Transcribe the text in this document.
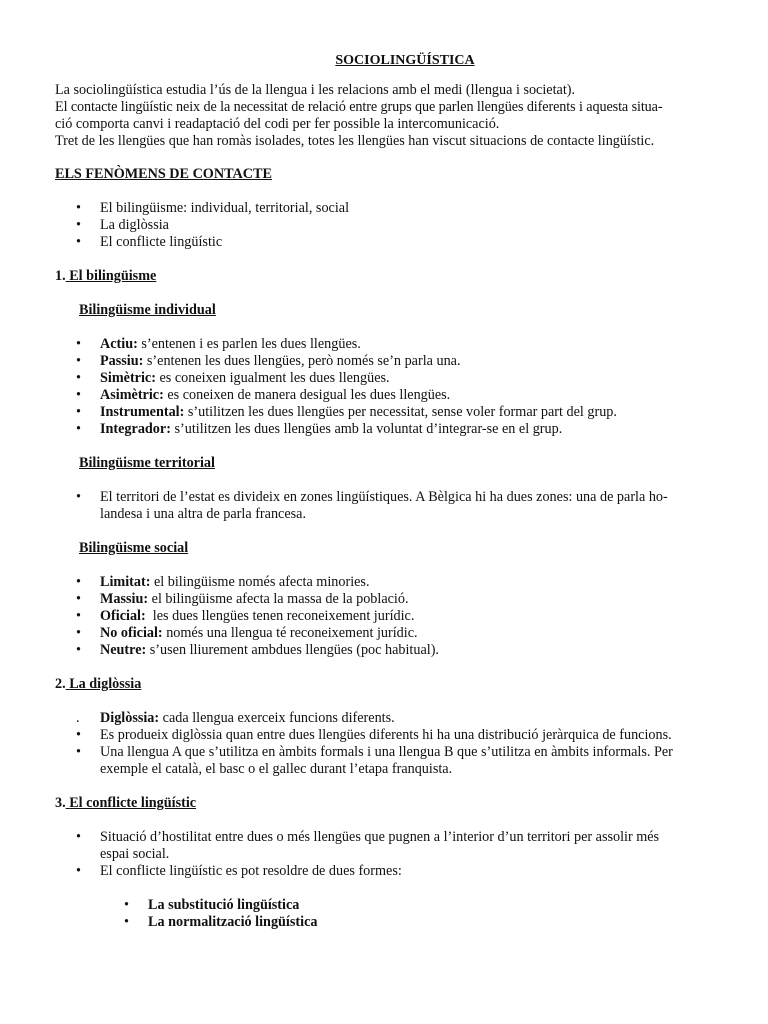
SOCIOLINGÜÍSTICA

La sociolingüística estudia l’ús de la llengua i les relacions amb el medi (llengua i societat).

El contacte lingüístic neix de la necessitat de relació entre grups que parlen llengües diferents i aquesta situa-

ció comporta canvi i readaptació del codi per fer possible la intercomunicació.

Tret de les llengües que han romàs isolades, totes les llengües han viscut situacions de contacte lingüístic.

ELS FENÒMENS DE CONTACTE
• El bilingüisme: individual, territorial, social
• La diglòssia
• El conflicte lingüístic
1. El bilingüisme
Bilingüisme individual
• Actiu: s’entenen i es parlen les dues llengües.
• Passiu: s’entenen les dues llengües, però només se’n parla una.
• Simètric: es coneixen igualment les dues llengües.
• Asimètric: es coneixen de manera desigual les dues llengües.
• Instrumental: s’utilitzen les dues llengües per necessitat, sense voler formar part del grup.
• Integrador: s’utilitzen les dues llengües amb la voluntat d’integrar-se en el grup.
Bilingüisme territorial
• El territori de l’estat es divideix en zones lingüístiques. A Bèlgica hi ha dues zones: una de parla ho-
landesa i una altra de parla francesa.
Bilingüisme social
• Limitat: el bilingüisme només afecta minories.
• Massiu: el bilingüisme afecta la massa de la població.
• Oficial:  les dues llengües tenen reconeixement jurídic.
• No oficial: només una llengua té reconeixement jurídic.
• Neutre: s’usen lliurement ambdues llengües (poc habitual).
2. La diglòssia
. Diglòssia: cada llengua exerceix funcions diferents.
• Es produeix diglòssia quan entre dues llengües diferents hi ha una distribució jeràrquica de funcions.
• Una llengua A que s’utilitza en àmbits formals i una llengua B que s’utilitza en àmbits informals. Per
exemple el català, el basc o el gallec durant l’etapa franquista.
3. El conflicte lingüístic
• Situació d’hostilitat entre dues o més llengües que pugnen a l’interior d’un territori per assolir més
espai social.
• El conflicte lingüístic es pot resoldre de dues formes:
• La substitució lingüística
• La normalització lingüística
